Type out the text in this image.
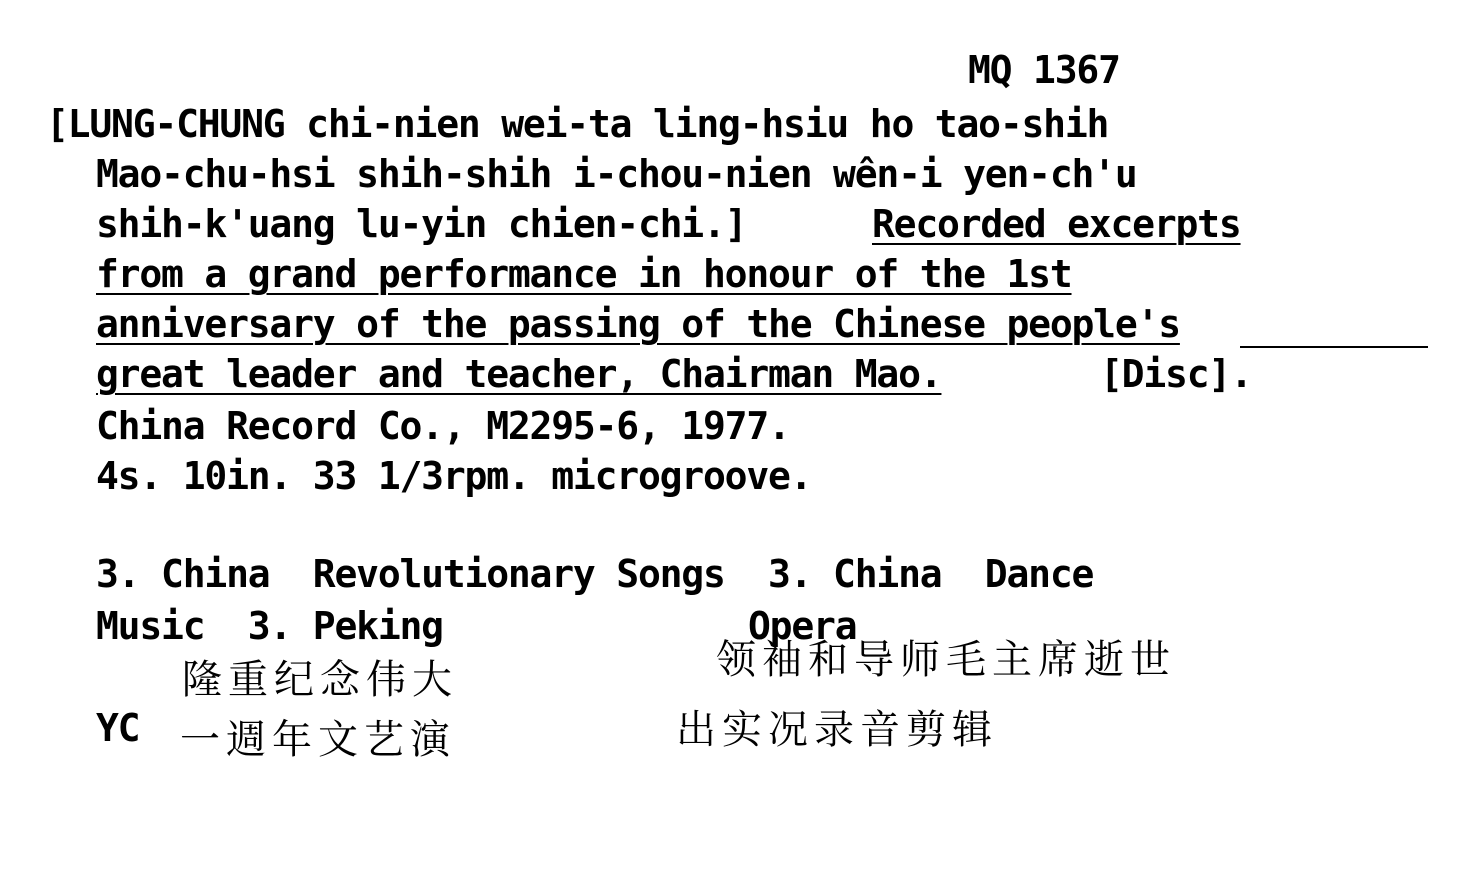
MQ 1367
[LUNG-CHUNG chi-nien wei-ta ling-hsiu ho tao-shih
Mao-chu-hsi shih-shih i-chou-nien wên-i yen-ch'u
shih-k'uang lu-yin chien-chi.]	Recorded excerpts
from a grand performance in honour of the 1st
anniversary of the passing of the Chinese people's
great leader and teacher, Chairman Mao.	[Disc].
China Record Co., M2295-6, 1977.
4s. 10in. 33 1/3rpm. microgroove.
3. China  Revolutionary Songs  3. China  Dance
Music  3. Peking	Opera
YC
隆重纪念伟大	领袖和导师毛主席逝世
一週年文艺演	出实况录音剪辑
